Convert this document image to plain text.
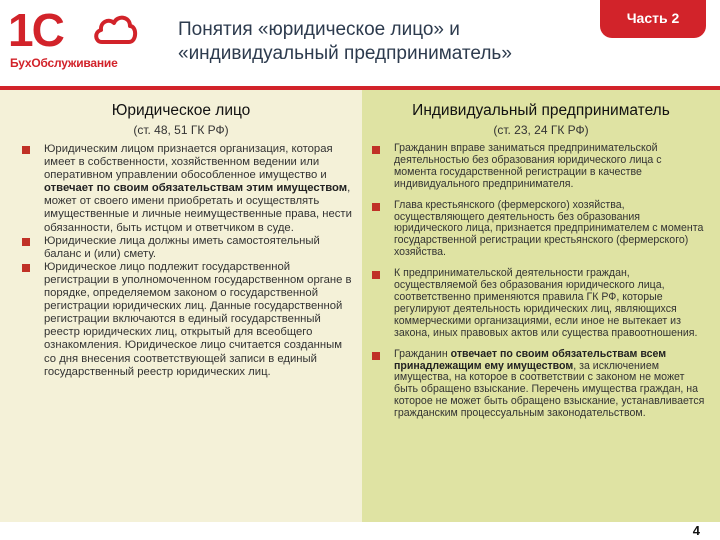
1С
БухОбслуживание
Понятия «юридическое лицо» и
«индивидуальный предприниматель»
Часть 2
Юридическое лицо
(ст. 48, 51 ГК РФ)
Юридическим лицом признается организация, которая имеет в собственности, хозяйственном ведении или оперативном управлении обособленное имущество и отвечает по своим обязательствам этим имуществом, может от своего имени приобретать и осуществлять имущественные и личные неимущественные права, нести обязанности, быть истцом и ответчиком в суде.
Юридические лица должны иметь самостоятельный баланс и (или) смету.
Юридическое лицо подлежит государственной регистрации в уполномоченном государственном органе в порядке, определяемом законом о государственной регистрации юридических лиц. Данные государственной регистрации включаются в единый государственный реестр юридических лиц, открытый для всеобщего ознакомления. Юридическое лицо считается созданным со дня внесения соответствующей записи в единый государственный реестр юридических лиц.
Индивидуальный предприниматель
(ст. 23, 24 ГК РФ)
Гражданин вправе заниматься предпринимательской деятельностью без образования юридического лица с момента государственной регистрации в качестве индивидуального предпринимателя.
Глава крестьянского (фермерского) хозяйства, осуществляющего деятельность без образования юридического лица, признается предпринимателем с момента государственной регистрации крестьянского (фермерского) хозяйства.
К предпринимательской деятельности граждан, осуществляемой без образования юридического лица, соответственно применяются правила ГК РФ, которые регулируют деятельность юридических лиц, являющихся коммерческими организациями, если иное не вытекает из закона, иных правовых актов или существа правоотношения.
Гражданин отвечает по своим обязательствам всем принадлежащим ему имуществом, за исключением имущества, на которое в соответствии с законом не может быть обращено взыскание. Перечень имущества граждан, на которое не может быть обращено взыскание, устанавливается гражданским процессуальным законодательством.
4
